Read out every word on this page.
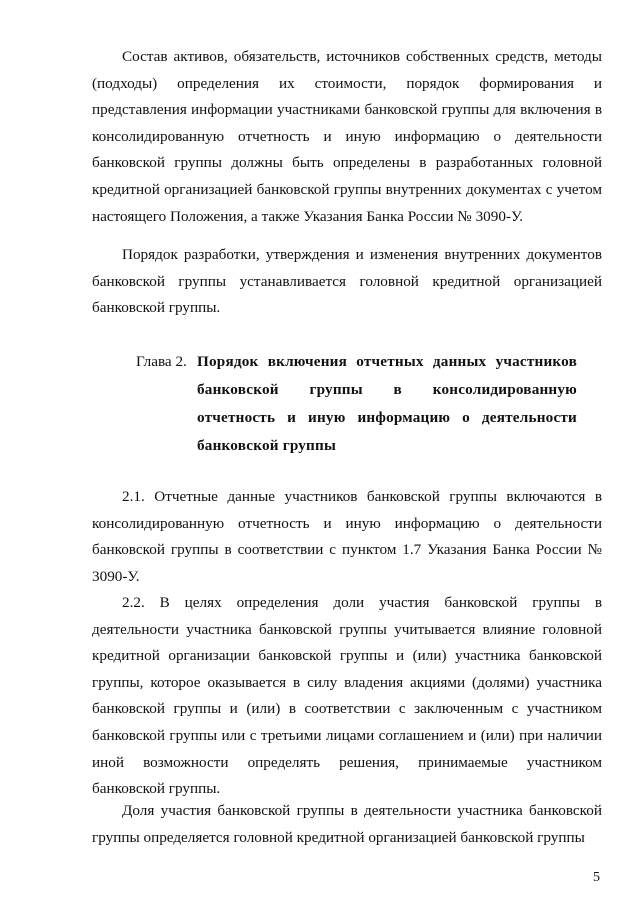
Состав активов, обязательств, источников собственных средств, методы (подходы) определения их стоимости, порядок формирования и представления информации участниками банковской группы для включения в консолидированную отчетность и иную информацию о деятельности банковской группы должны быть определены в разработанных головной кредитной организацией банковской группы внутренних документах с учетом настоящего Положения, а также Указания Банка России № 3090-У.

Порядок разработки, утверждения и изменения внутренних документов банковской группы устанавливается головной кредитной организацией банковской группы.

Глава 2. Порядок включения отчетных данных участников банковской группы в консолидированную отчетность и иную информацию о деятельности банковской группы

2.1. Отчетные данные участников банковской группы включаются в консолидированную отчетность и иную информацию о деятельности банковской группы в соответствии с пунктом 1.7 Указания Банка России № 3090-У.

2.2. В целях определения доли участия банковской группы в деятельности участника банковской группы учитывается влияние головной кредитной организации банковской группы и (или) участника банковской группы, которое оказывается в силу владения акциями (долями) участника банковской группы и (или) в соответствии с заключенным с участником банковской группы или с третьими лицами соглашением и (или) при наличии иной возможности определять решения, принимаемые участником банковской группы.

Доля участия банковской группы в деятельности участника банковской группы определяется головной кредитной организацией банковской группы

5
